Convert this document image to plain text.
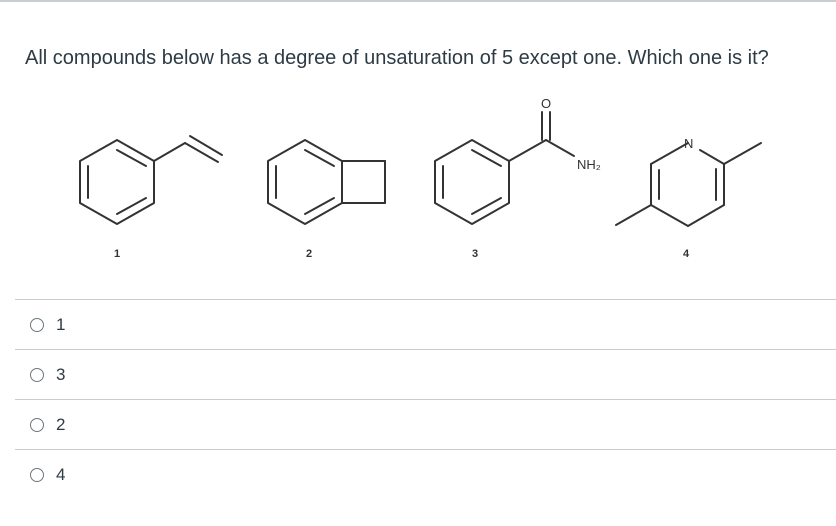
All compounds below has a degree of unsaturation of 5 except one. Which one is it?
O
NH₂
N
1	2	3	4
1
3
2
4
